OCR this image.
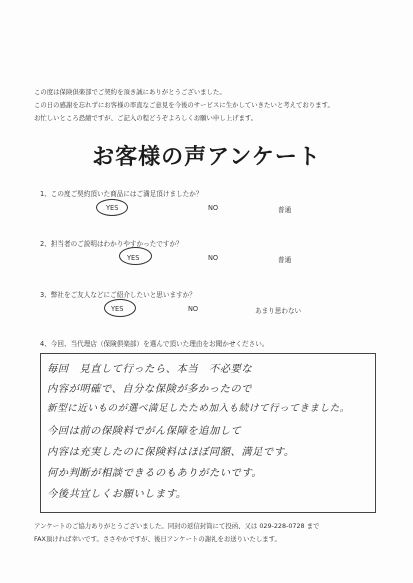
この度は保険倶楽部でご契約を頂き誠にありがとうございました。
この日の感謝を忘れずにお客様の率直なご意見を今後のサービスに生かしていきたいと考えております。
お忙しいところ恐縮ですが、ご記入の程どうぞよろしくお願い申し上げます。
お客様の声アンケート
1、この度ご契約頂いた商品にはご満足頂けましたか？
YES	NO	普通
2、担当者のご説明はわかりやすかったですか？
YES	NO	普通
3、弊社をご友人などにご紹介したいと思いますか？
YES	NO	あまり思わない
4、今回、当代理店（保険倶楽部）を選んで頂いた理由をお聞かせください。
毎回　見直して行ったら、本当　不必要な
内容が明確で、自分な保険が多かったので
新型に近いものが選べ満足したため加入も続けて行ってきました。
今回は前の保険料でがん保障を追加して
内容は充実したのに保険料はほぼ同額、満足です。
何か判断が相談できるのもありがたいです。
今後共宜しくお願いします。
アンケートのご協力ありがとうございました。同封の返信封筒にて投函、又は 029-228-0728 まで
FAX頂ければ幸いです。ささやかですが、後日アンケートの謝礼をお送りいたします。
